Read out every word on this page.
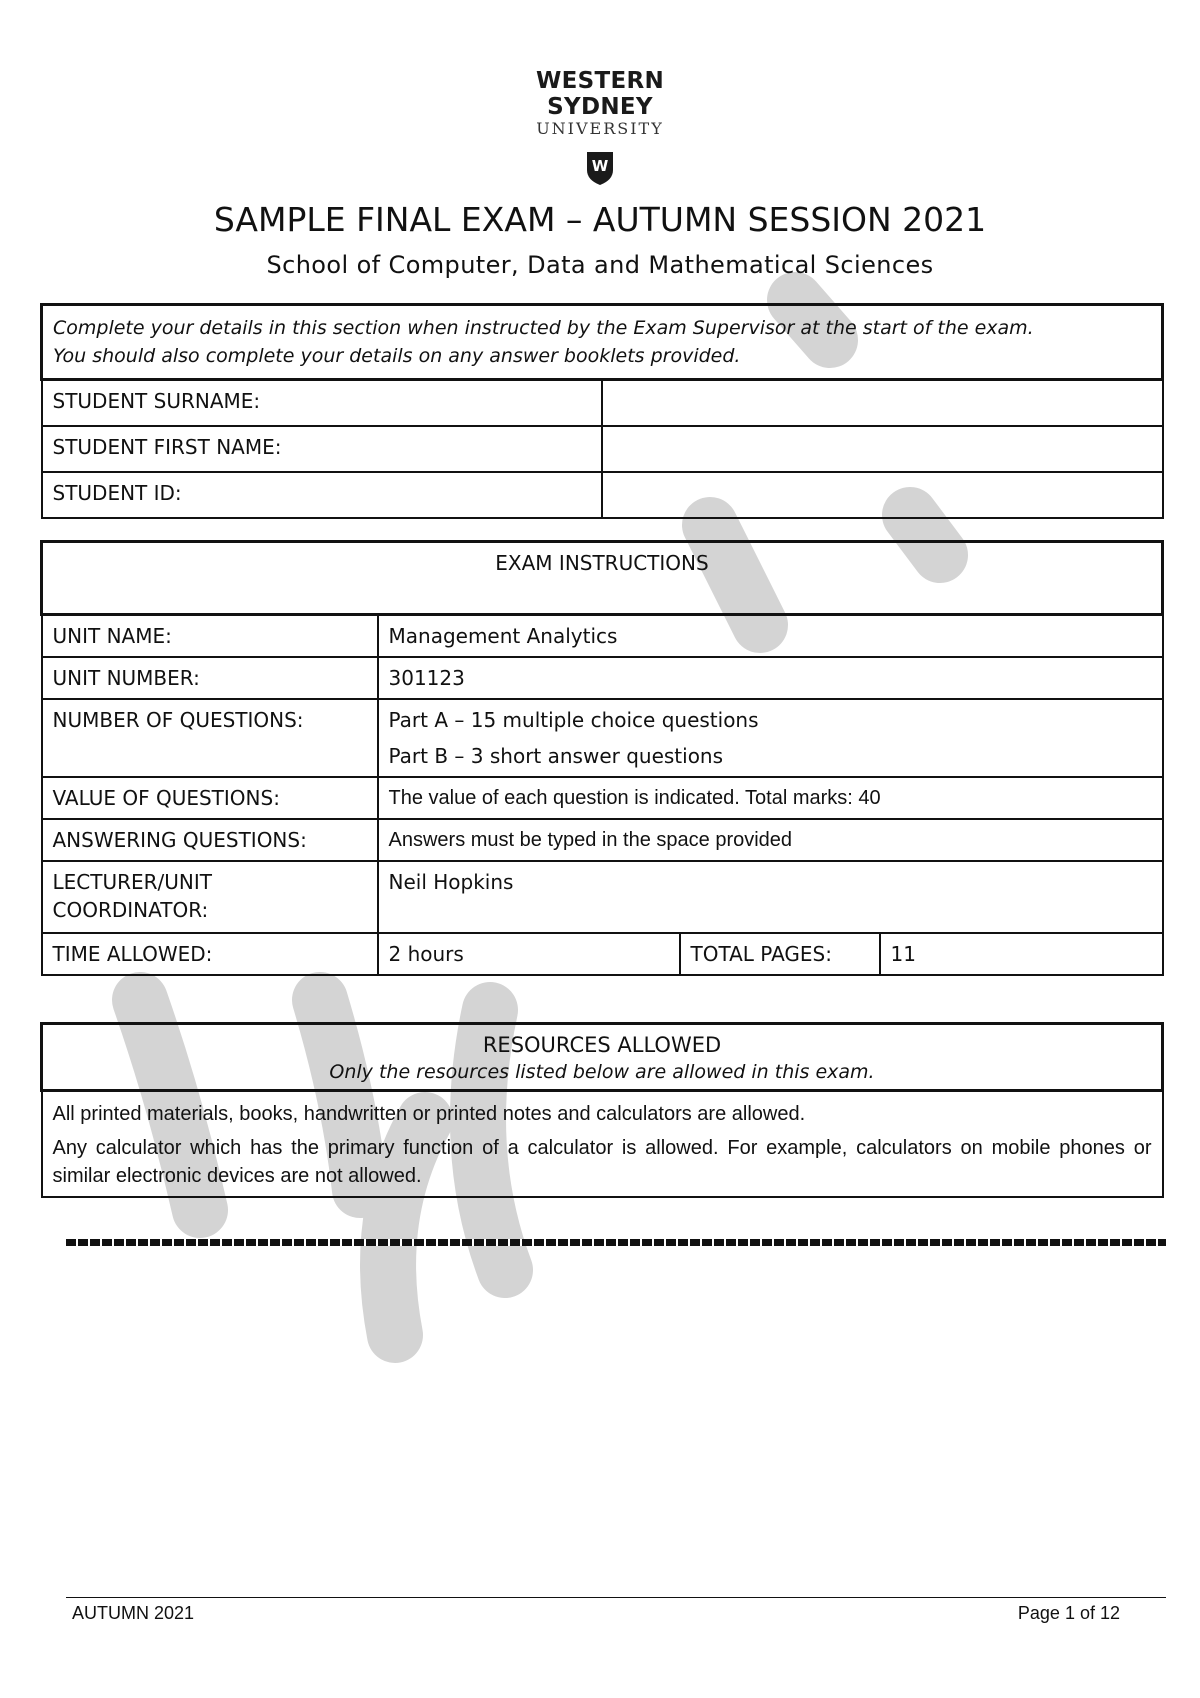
WESTERN SYDNEY
UNIVERSITY
W
SAMPLE FINAL EXAM – AUTUMN SESSION 2021
School of Computer, Data and Mathematical Sciences
Complete your details in this section when instructed by the Exam Supervisor at the start of the exam.
You should also complete your details on any answer booklets provided.	

STUDENT SURNAME:	
STUDENT FIRST NAME:	
STUDENT ID:	
EXAM INSTRUCTIONS			
UNIT NAME:	Management Analytics		
UNIT NUMBER:	301123		
NUMBER OF QUESTIONS:	Part A – 15 multiple choice questions
Part B – 3 short answer questions		

VALUE OF QUESTIONS:	The value of each question is indicated. Total marks: 40		
ANSWERING QUESTIONS:	Answers must be typed in the space provided		
LECTURER/UNIT COORDINATOR:	Neil Hopkins		
TIME ALLOWED:	2 hours	TOTAL PAGES:	11
RESOURCES ALLOWED
Only the resources listed below are allowed in this exam.

All printed materials, books, handwritten or printed notes and calculators are allowed.

Any calculator which has the primary function of a calculator is allowed. For example, calculators on mobile phones or similar electronic devices are not allowed.

AUTUMN 2021	Page 1 of 12
